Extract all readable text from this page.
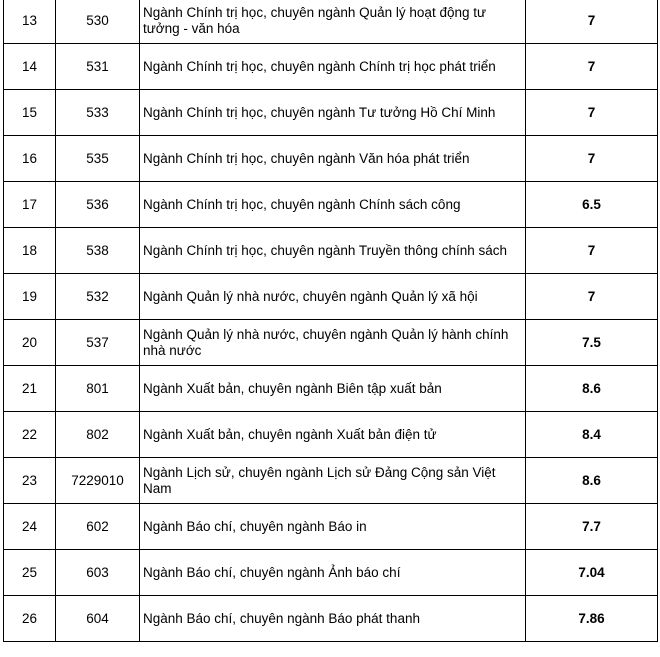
13	530	Ngành Chính trị học, chuyên ngành Quản lý hoạt động tư tưởng - văn hóa	7
14	531	Ngành Chính trị học, chuyên ngành Chính trị học phát triển	7
15	533	Ngành Chính trị học, chuyên ngành Tư tưởng Hồ Chí Minh	7
16	535	Ngành Chính trị học, chuyên ngành Văn hóa phát triển	7
17	536	Ngành Chính trị học, chuyên ngành Chính sách công	6.5
18	538	Ngành Chính trị học, chuyên ngành Truyền thông chính sách	7
19	532	Ngành Quản lý nhà nước, chuyên ngành Quản lý xã hội	7
20	537	Ngành Quản lý nhà nước, chuyên ngành Quản lý hành chính nhà nước	7.5
21	801	Ngành Xuất bản, chuyên ngành Biên tập xuất bản	8.6
22	802	Ngành Xuất bản, chuyên ngành Xuất bản điện tử	8.4
23	7229010	Ngành Lịch sử, chuyên ngành Lịch sử Đảng Cộng sản Việt Nam	8.6
24	602	Ngành Báo chí, chuyên ngành Báo in	7.7
25	603	Ngành Báo chí, chuyên ngành Ảnh báo chí	7.04
26	604	Ngành Báo chí, chuyên ngành Báo phát thanh	7.86
